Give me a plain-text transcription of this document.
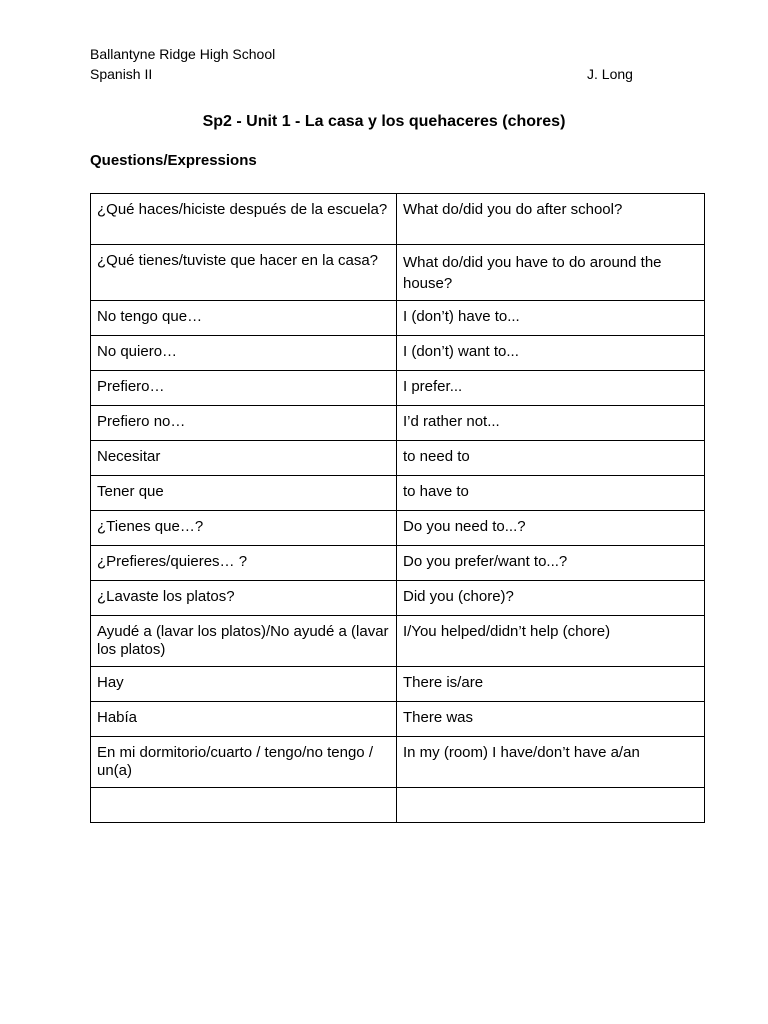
Ballantyne Ridge High School
Spanish II	J. Long
Sp2 - Unit 1 - La casa y los quehaceres (chores)
Questions/Expressions
¿Qué haces/hiciste después de la escuela?	What do/did you do after school?
¿Qué tienes/tuviste que hacer en la casa?	What do/did you have to do around the house?
No tengo que…	I (don’t) have to...
No quiero…	I (don’t) want to...
Prefiero…	I prefer...
Prefiero no…	I’d rather not...
Necesitar	to need to
Tener que	to have to
¿Tienes que…?	Do you need to...?
¿Prefieres/quieres… ?	Do you prefer/want to...?
¿Lavaste los platos?	Did you (chore)?
Ayudé a (lavar los platos)/No ayudé a (lavar los platos)	I/You helped/didn’t help (chore)
Hay	There is/are
Había	There was
En mi dormitorio/cuarto / tengo/no tengo / un(a)	In my (room) I have/don’t have a/an
